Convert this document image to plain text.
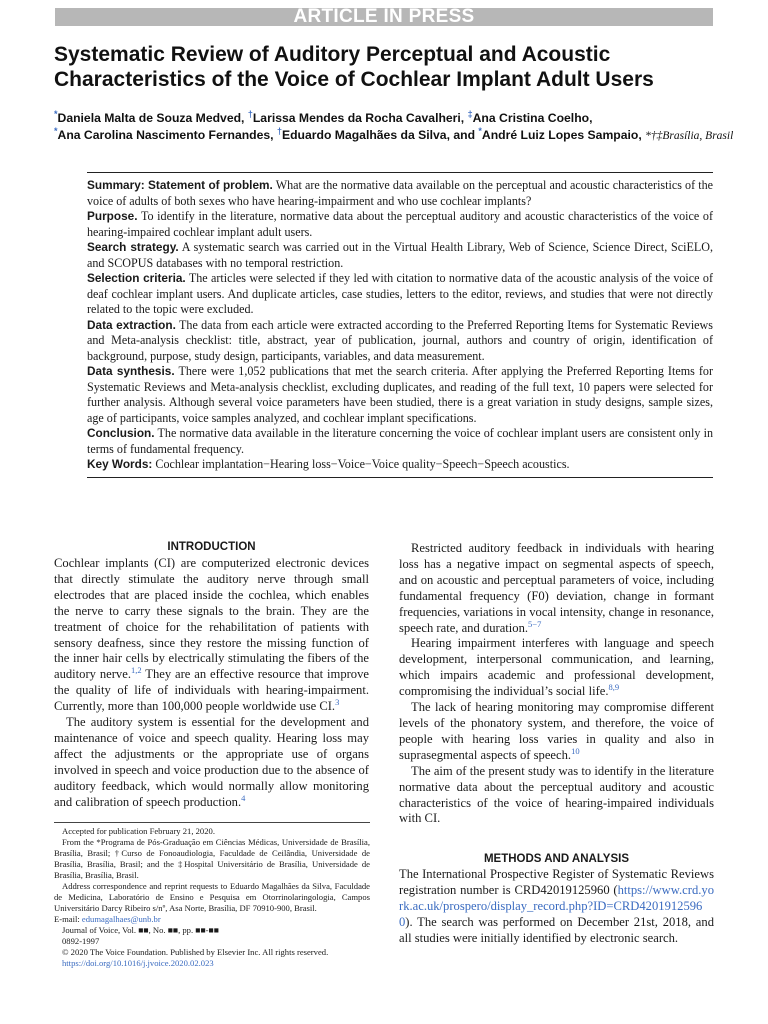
ARTICLE IN PRESS
Systematic Review of Auditory Perceptual and Acoustic Characteristics of the Voice of Cochlear Implant Adult Users
*Daniela Malta de Souza Medved, †Larissa Mendes da Rocha Cavalheri, ‡Ana Cristina Coelho,
*Ana Carolina Nascimento Fernandes, †Eduardo Magalhães da Silva, and *André Luiz Lopes Sampaio, *†‡Brasília, Brasil

Summary: Statement of problem. What are the normative data available on the perceptual and acoustic characteristics of the voice of adults of both sexes who have hearing-impairment and who use cochlear implants?

Purpose. To identify in the literature, normative data about the perceptual auditory and acoustic characteristics of the voice of hearing-impaired cochlear implant adult users.

Search strategy. A systematic search was carried out in the Virtual Health Library, Web of Science, Science Direct, SciELO, and SCOPUS databases with no temporal restriction.

Selection criteria. The articles were selected if they led with citation to normative data of the acoustic analysis of the voice of deaf cochlear implant users. And duplicate articles, case studies, letters to the editor, reviews, and studies that were not directly related to the topic were excluded.

Data extraction. The data from each article were extracted according to the Preferred Reporting Items for Systematic Reviews and Meta-analysis checklist: title, abstract, year of publication, journal, authors and country of origin, identification of background, purpose, study design, participants, variables, and data measurement.

Data synthesis. There were 1,052 publications that met the search criteria. After applying the Preferred Reporting Items for Systematic Reviews and Meta-analysis checklist, excluding duplicates, and reading of the full text, 10 papers were selected for further analysis. Although several voice parameters have been studied, there is a great variation in study designs, sample sizes, age of participants, voice samples analyzed, and cochlear implant specifications.

Conclusion. The normative data available in the literature concerning the voice of cochlear implant users are consistent only in terms of fundamental frequency.

Key Words: Cochlear implantation−Hearing loss−Voice−Voice quality−Speech−Speech acoustics.

INTRODUCTION

Cochlear implants (CI) are computerized electronic devices that directly stimulate the auditory nerve through small electrodes that are placed inside the cochlea, which enables the nerve to carry these signals to the brain. They are the treatment of choice for the rehabilitation of patients with sensory deafness, since they restore the missing function of the inner hair cells by electrically stimulating the fibers of the auditory nerve.$^{1,2}$ They are an effective resource that improve the quality of life of individuals with hearing-impairment. Currently, more than 100,000 people worldwide use CI.$^3$

The auditory system is essential for the development and maintenance of voice and speech quality. Hearing loss may affect the adjustments or the appropriate use of organs involved in speech and voice production due to the absence of auditory feedback, which would normally allow monitoring and calibration of speech production.$^4$

Accepted for publication February 21, 2020.

From the *Programa de Pós-Graduação em Ciências Médicas, Universidade de Brasília, Brasília, Brasil; †Curso de Fonoaudiologia, Faculdade de Ceilândia, Universidade de Brasília, Brasília, Brasil; and the ‡Hospital Universitário de Brasília, Universidade de Brasília, Brasília, Brasil.

Address correspondence and reprint requests to Eduardo Magalhães da Silva, Faculdade de Medicina, Laboratório de Ensino e Pesquisa em Otorrinolaringologia, Campos Universitário Darcy Ribeiro s/nº, Asa Norte, Brasília, DF 70910-900, Brasil.

E-mail: edumagalhaes@unb.br

Journal of Voice, Vol. ■■, No. ■■, pp. ■■-■■

0892-1997

© 2020 The Voice Foundation. Published by Elsevier Inc. All rights reserved.

https://doi.org/10.1016/j.jvoice.2020.02.023

Restricted auditory feedback in individuals with hearing loss has a negative impact on segmental aspects of speech, and on acoustic and perceptual parameters of voice, including fundamental frequency (F0) deviation, change in formant frequencies, variations in vocal intensity, change in resonance, speech rate, and duration.$^{5-7}$

Hearing impairment interferes with language and speech development, interpersonal communication, and learning, which impairs academic and professional development, compromising the individual’s social life.$^{8,9}$

The lack of hearing monitoring may compromise different levels of the phonatory system, and therefore, the voice of people with hearing loss varies in quality and also in suprasegmental aspects of speech.$^{10}$

The aim of the present study was to identify in the literature normative data about the perceptual auditory and acoustic characteristics of the voice of hearing-impaired individuals with CI.

METHODS AND ANALYSIS

The International Prospective Register of Systematic Reviews registration number is CRD42019125960 (https://www.crd.york.ac.uk/prospero/display_record.php?ID=CRD42019125960). The search was performed on December 21st, 2018, and all studies were initially identified by electronic search.
